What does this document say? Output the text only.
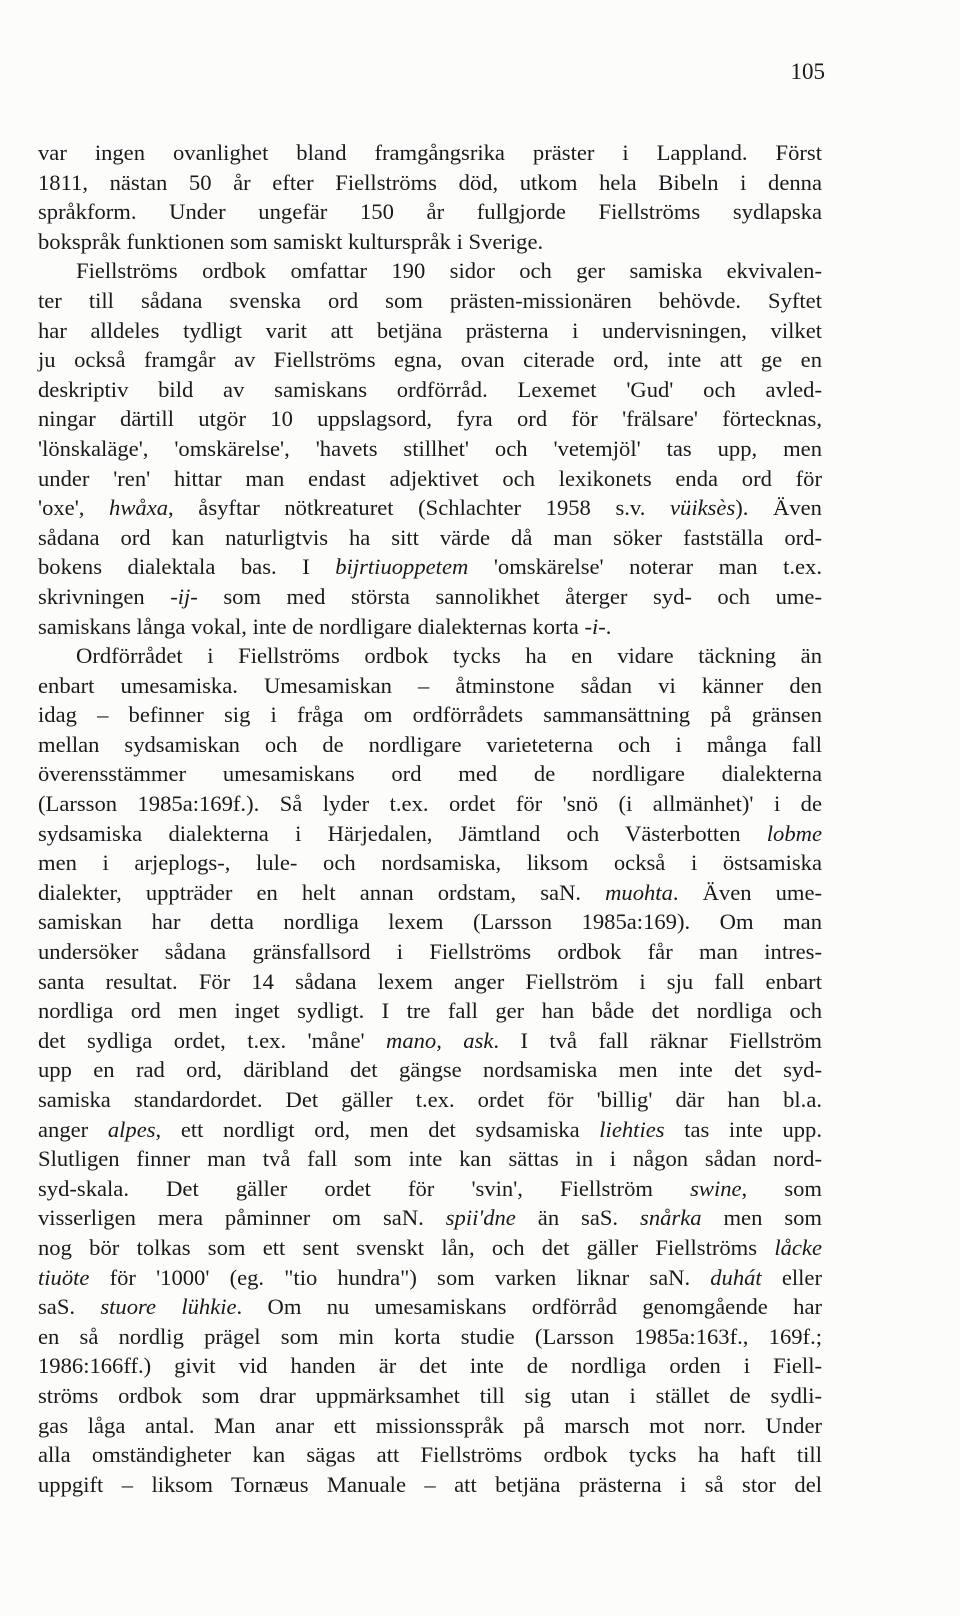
105
var ingen ovanlighet bland framgångsrika präster i Lappland. Först
1811, nästan 50 år efter Fiellströms död, utkom hela Bibeln i denna
språkform. Under ungefär 150 år fullgjorde Fiellströms sydlapska
bokspråk funktionen som samiskt kulturspråk i Sverige.
Fiellströms ordbok omfattar 190 sidor och ger samiska ekvivalen-
ter till sådana svenska ord som prästen-missionären behövde. Syftet
har alldeles tydligt varit att betjäna prästerna i undervisningen, vilket
ju också framgår av Fiellströms egna, ovan citerade ord, inte att ge en
deskriptiv bild av samiskans ordförråd. Lexemet 'Gud' och avled-
ningar därtill utgör 10 uppslagsord, fyra ord för 'frälsare' förtecknas,
'lönskaläge', 'omskärelse', 'havets stillhet' och 'vetemjöl' tas upp, men
under 'ren' hittar man endast adjektivet och lexikonets enda ord för
'oxe', hwåxa, åsyftar nötkreaturet (Schlachter 1958 s.v. vüiksès). Även
sådana ord kan naturligtvis ha sitt värde då man söker fastställa ord-
bokens dialektala bas. I bijrtiuoppetem 'omskärelse' noterar man t.ex.
skrivningen -ij- som med största sannolikhet återger syd- och ume-
samiskans långa vokal, inte de nordligare dialekternas korta -i-.
Ordförrådet i Fiellströms ordbok tycks ha en vidare täckning än
enbart umesamiska. Umesamiskan – åtminstone sådan vi känner den
idag – befinner sig i fråga om ordförrådets sammansättning på gränsen
mellan sydsamiskan och de nordligare varieteterna och i många fall
överensstämmer umesamiskans ord med de nordligare dialekterna
(Larsson 1985a:169f.). Så lyder t.ex. ordet för 'snö (i allmänhet)' i de
sydsamiska dialekterna i Härjedalen, Jämtland och Västerbotten lobme
men i arjeplogs-, lule- och nordsamiska, liksom också i östsamiska
dialekter, uppträder en helt annan ordstam, saN. muohta. Även ume-
samiskan har detta nordliga lexem (Larsson 1985a:169). Om man
undersöker sådana gränsfallsord i Fiellströms ordbok får man intres-
santa resultat. För 14 sådana lexem anger Fiellström i sju fall enbart
nordliga ord men inget sydligt. I tre fall ger han både det nordliga och
det sydliga ordet, t.ex. 'måne' mano, ask. I två fall räknar Fiellström
upp en rad ord, däribland det gängse nordsamiska men inte det syd-
samiska standardordet. Det gäller t.ex. ordet för 'billig' där han bl.a.
anger alpes, ett nordligt ord, men det sydsamiska liehties tas inte upp.
Slutligen finner man två fall som inte kan sättas in i någon sådan nord-
syd-skala. Det gäller ordet för 'svin', Fiellström swine, som
visserligen mera påminner om saN. spii'dne än saS. snårka men som
nog bör tolkas som ett sent svenskt lån, och det gäller Fiellströms låcke
tiuöte för '1000' (eg. "tio hundra") som varken liknar saN. duhát eller
saS. stuore lühkie. Om nu umesamiskans ordförråd genomgående har
en så nordlig prägel som min korta studie (Larsson 1985a:163f., 169f.;
1986:166ff.) givit vid handen är det inte de nordliga orden i Fiell-
ströms ordbok som drar uppmärksamhet till sig utan i stället de sydli-
gas låga antal. Man anar ett missionsspråk på marsch mot norr. Under
alla omständigheter kan sägas att Fiellströms ordbok tycks ha haft till
uppgift – liksom Tornæus Manuale – att betjäna prästerna i så stor del
